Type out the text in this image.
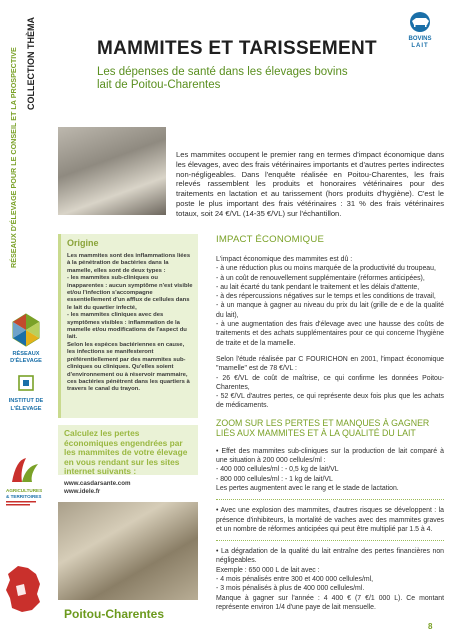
RÉSEAUX D'ÉLEVAGE POUR LE CONSEIL ET LA PROSPECTIVE COLLECTION THÈMA
RÉSEAUX
D'ÉLEVAGE
INSTITUT DE
L'ÉLEVAGE
AGRICULTURES
& TERRITOIRES
BOVINS
LAIT
MAMMITES ET TARISSEMENT
Les dépenses de santé dans les élevages bovins lait de Poitou-Charentes

Les mammites occupent le premier rang en termes d'impact économique dans les élevages, avec des frais vétérinaires importants et d'autres pertes indirectes non-négligeables. Dans l'enquête réalisée en Poitou-Charentes, les frais relevés rassemblent les produits et honoraires vétérinaires pour des traitements en lactation et au tarissement (hors produits d'hygiène). C'est le poste le plus important des frais vétérinaires : 31 % des frais vétérinaires totaux, soit 24 €/VL (14-35 €/VL) sur l'échantillon.

Origine
Les mammites sont des inflammations liées à la pénétration de bactéries dans la mamelle, elles sont de deux types :
- les mammites sub-cliniques ou inapparentes : aucun symptôme n'est visible et/ou l'infection s'accompagne essentiellement d'un afflux de cellules dans le lait du quartier infecté,
- les mammites cliniques avec des symptômes visibles : inflammation de la mamelle et/ou modifications de l'aspect du lait.
Selon les espèces bactériennes en cause, les infections se manifesteront préférentiellement par des mammites sub-cliniques ou cliniques. Qu'elles soient d'environnement ou à réservoir mammaire, ces bactéries pénètrent dans les quartiers à travers le canal du trayon.
Calculez les pertes économiques engendrées par les mammites de votre élevage en vous rendant sur les sites internet suivants :
www.casdarsante.com
www.idele.fr
Poitou-Charentes
IMPACT ÉCONOMIQUE

L'impact économique des mammites est dû :

- à une réduction plus ou moins marquée de la productivité du troupeau,

- à un coût de renouvellement supplémentaire (réformes anticipées),

- au lait écarté du tank pendant le traitement et les délais d'attente,

- à des répercussions négatives sur le temps et les conditions de travail,

- à un manque à gagner au niveau du prix du lait (grille de e de la qualité du lait),

- à une augmentation des frais d'élevage avec une hausse des coûts de traitements et des achats supplémentaires pour ce qui concerne l'hygiène de traite et de la mamelle.

Selon l'étude réalisée par C FOURICHON en 2001, l'impact économique "mamelle" est de 78 €/VL :

- 26 €/VL de coût de maîtrise, ce qui confirme les données Poitou-Charentes,

- 52 €/VL d'autres pertes, ce qui représente deux fois plus que les achats de médicaments.

ZOOM SUR LES PERTES ET MANQUES À GAGNER LIÉS AUX MAMMITES ET À LA QUALITÉ DU LAIT

• Effet des mammites sub-cliniques sur la production de lait comparé à une situation à 200 000 cellules/ml :

- 400 000 cellules/ml : - 0,5 kg de lait/VL

- 800 000 cellules/ml : - 1 kg de lait/VL

Les pertes augmentent avec le rang et le stade de lactation.

• Avec une explosion des mammites, d'autres risques se développent : la présence d'inhibiteurs, la mortalité de vaches avec des mammites graves et un nombre de réformes anticipées qui peut être multiplié par 1.5 à 4.

• La dégradation de la qualité du lait entraîne des pertes financières non négligeables.

Exemple : 650 000 L de lait avec :

- 4 mois pénalisés entre 300 et 400 000 cellules/ml,

- 3 mois pénalisés à plus de 400 000 cellules/ml.

Manque à gagner sur l'année : 4 400 € (7 €/1 000 L). Ce montant représente environ 1/4 d'une paye de lait mensuelle.

8
